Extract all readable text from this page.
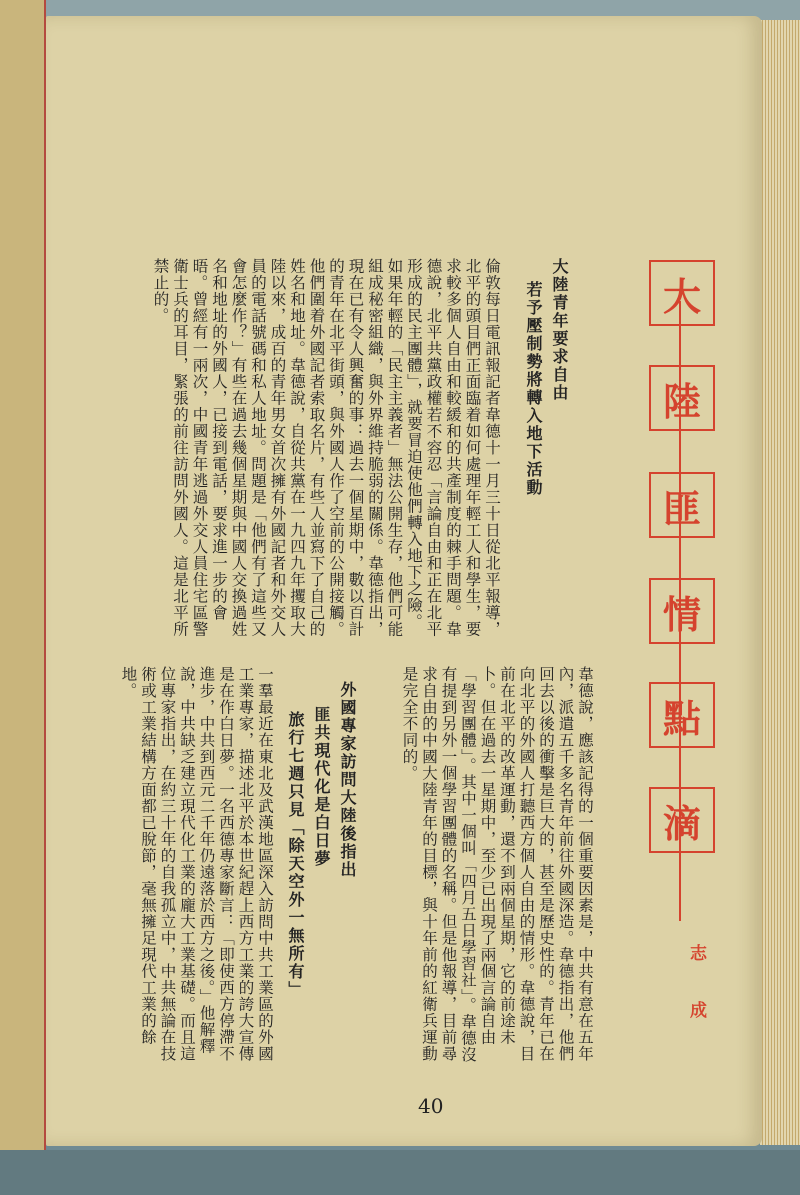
大
陸
匪
情
點
滴
志成
大陸青年要求自由
若予壓制勢將轉入地下活動
倫敦每日電訊報記者韋德十一月三十日從北平報導，北平的頭目們正面臨着如何處理年輕工人和學生，要求較多個人自由和較緩和的共產制度的棘手問題。韋德說，北平共黨政權若不容忍「言論自由和正在北平形成的民主團體」，就要冒迫使他們轉入地下之險。如果年輕的「民主主義者」無法公開生存，他們可能組成秘密組織，與外界維持脆弱的關係。韋德指出，現在已有令人興奮的事：過去一個星期中，數以百計的青年在北平街頭，與外國人作了空前的公開接觸。他們圍着外國記者索取名片，有些人並寫下了自己的姓名和地址。韋德說，自從共黨在一九四九年攫取大陸以來，成百的青年男女首次擁有外國記者和外交人員的電話號碼和私人地址。問題是「他們有了這些又會怎麼作？」有些在過去幾個星期與中國人交換過姓名和地址的外國人，已接到電話，要求進一步的會晤。曾經有一兩次，中國青年逃過外交人員住宅區警衛士兵的耳目，緊張的前往訪問外國人。這是北平所禁止的。
韋德說，應該記得的一個重要因素是，中共有意在五年內，派遣五千多名青年前往外國深造。韋德指出，他們回去以後的衝擊是巨大的，甚至是歷史性的。青年已在向北平的外國人打聽西方個人自由的情形。韋德說，目前在北平的改革運動，還不到兩個星期，它的前途未卜。但在過去一星期中，至少已出現了兩個言論自由「學習團體」。其中一個叫「四月五日學習社」。韋德沒有提到另外一個學習團體的名稱。但是他報導，目前尋求自由的中國大陸青年的目標，與十年前的紅衛兵運動是完全不同的。
外國專家訪問大陸後指出
匪共現代化是白日夢
旅行七週只見「除天空外一無所有」
一羣最近在東北及武漢地區深入訪問中共工業區的外國工業專家，描述北平於本世紀趕上西方工業的誇大宣傳是在作白日夢。一名西德專家斷言：「即使西方停滯不進步，中共到西元二千年仍遠落於西方之後。」他解釋說，中共缺乏建立現代化工業的龐大工業基礎。而且這位專家指出，在約三十年的自我孤立中，中共無論在技術或工業結構方面都已脫節，毫無擁足現代工業的餘地。
40
